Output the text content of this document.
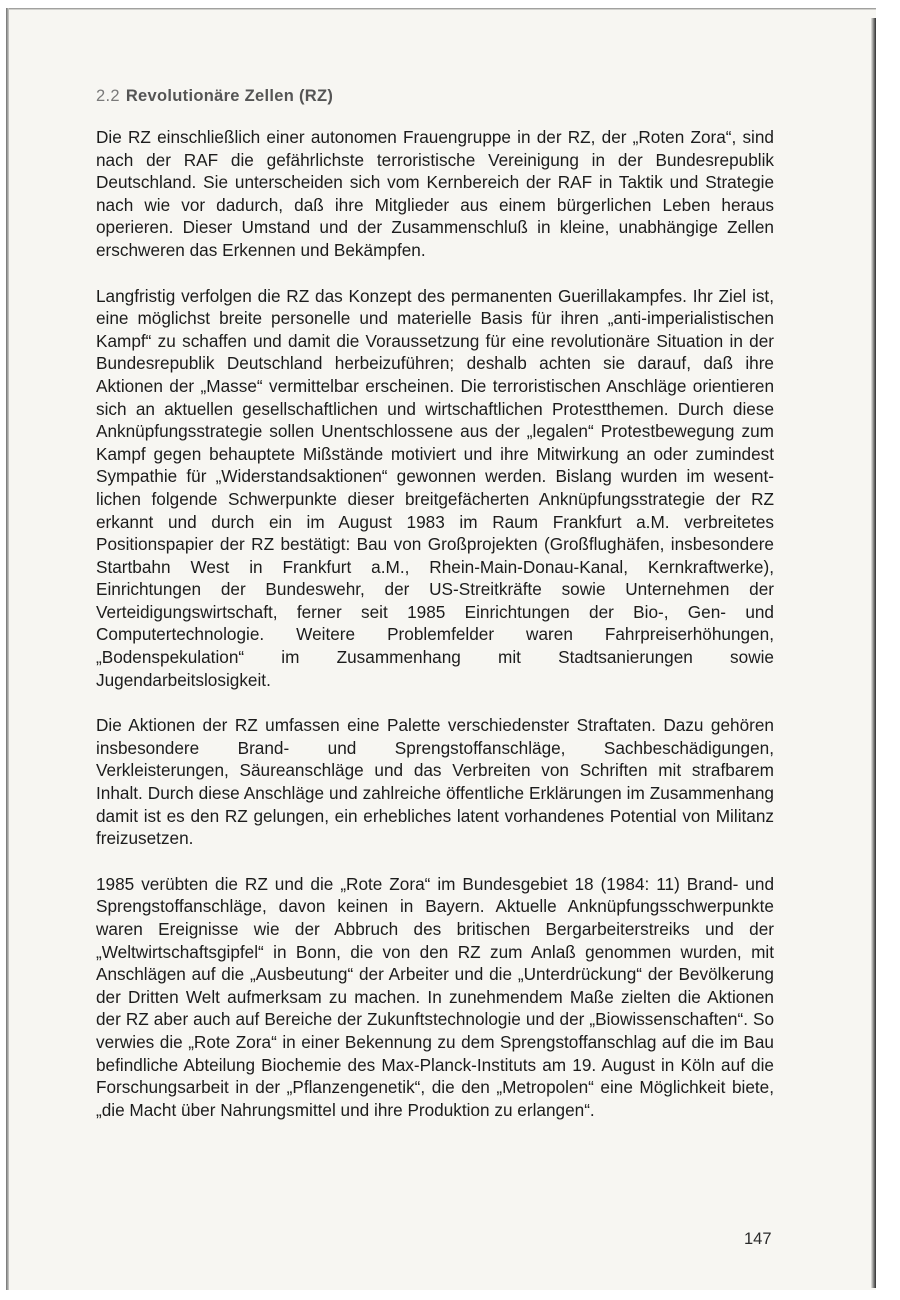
2.2 Revolutionäre Zellen (RZ)

Die RZ einschließlich einer autonomen Frauengruppe in der RZ, der „Roten Zora“, sind nach der RAF die gefährlichste terroristische Vereinigung in der Bundesrepublik Deutschland. Sie unterscheiden sich vom Kernbereich der RAF in Taktik und Strategie nach wie vor dadurch, daß ihre Mitglieder aus einem bürgerlichen Leben heraus operieren. Dieser Umstand und der Zusammenschluß in kleine, unabhängige Zellen erschweren das Erkennen und Bekämpfen.

Langfristig verfolgen die RZ das Konzept des permanenten Guerillakampfes. Ihr Ziel ist, eine möglichst breite personelle und materielle Basis für ihren „anti-imperialistischen Kampf“ zu schaffen und damit die Voraussetzung für eine revolutionäre Situation in der Bundesrepublik Deutschland herbeizuführen; deshalb achten sie darauf, daß ihre Aktionen der „Masse“ vermittelbar erscheinen. Die terroristischen Anschläge orientieren sich an aktuellen gesellschaftlichen und wirtschaftlichen Protestthemen. Durch diese Anknüpfungsstrategie sollen Unentschlossene aus der „legalen“ Protestbewegung zum Kampf gegen behauptete Mißstände motiviert und ihre Mitwirkung an oder zumindest Sympathie für „Widerstandsaktionen“ gewonnen werden. Bislang wurden im wesentlichen folgende Schwerpunkte dieser breitgefächerten Anknüpfungsstrategie der RZ erkannt und durch ein im August 1983 im Raum Frankfurt a.M. verbreitetes Positionspapier der RZ bestätigt: Bau von Großprojekten (Großflughäfen, insbesondere Startbahn West in Frankfurt a.M., Rhein-Main-Donau-Kanal, Kernkraftwerke), Einrichtungen der Bundeswehr, der US-Streitkräfte sowie Unternehmen der Verteidigungswirtschaft, ferner seit 1985 Einrichtungen der Bio-, Gen- und Computertechnologie. Weitere Problemfelder waren Fahrpreiserhöhungen, „Bodenspekulation“ im Zusammenhang mit Stadtsanierungen sowie Jugendarbeitslosigkeit.

Die Aktionen der RZ umfassen eine Palette verschiedenster Straftaten. Dazu gehören insbesondere Brand- und Sprengstoffanschläge, Sachbeschädigungen, Verkleisterungen, Säureanschläge und das Verbreiten von Schriften mit strafbarem Inhalt. Durch diese Anschläge und zahlreiche öffentliche Erklärungen im Zusammenhang damit ist es den RZ gelungen, ein erhebliches latent vorhandenes Potential von Militanz freizusetzen.

1985 verübten die RZ und die „Rote Zora“ im Bundesgebiet 18 (1984: 11) Brand- und Sprengstoffanschläge, davon keinen in Bayern. Aktuelle Anknüpfungsschwerpunkte waren Ereignisse wie der Abbruch des britischen Bergarbeiterstreiks und der „Weltwirtschaftsgipfel“ in Bonn, die von den RZ zum Anlaß genommen wurden, mit Anschlägen auf die „Ausbeutung“ der Arbeiter und die „Unterdrückung“ der Bevölkerung der Dritten Welt aufmerksam zu machen. In zunehmendem Maße zielten die Aktionen der RZ aber auch auf Bereiche der Zukunftstechnologie und der „Biowissenschaften“. So verwies die „Rote Zora“ in einer Bekennung zu dem Sprengstoffanschlag auf die im Bau befindliche Abteilung Biochemie des Max-Planck-Instituts am 19. August in Köln auf die Forschungsarbeit in der „Pflanzengenetik“, die den „Metropolen“ eine Möglichkeit biete, „die Macht über Nahrungsmittel und ihre Produktion zu erlangen“.

147
